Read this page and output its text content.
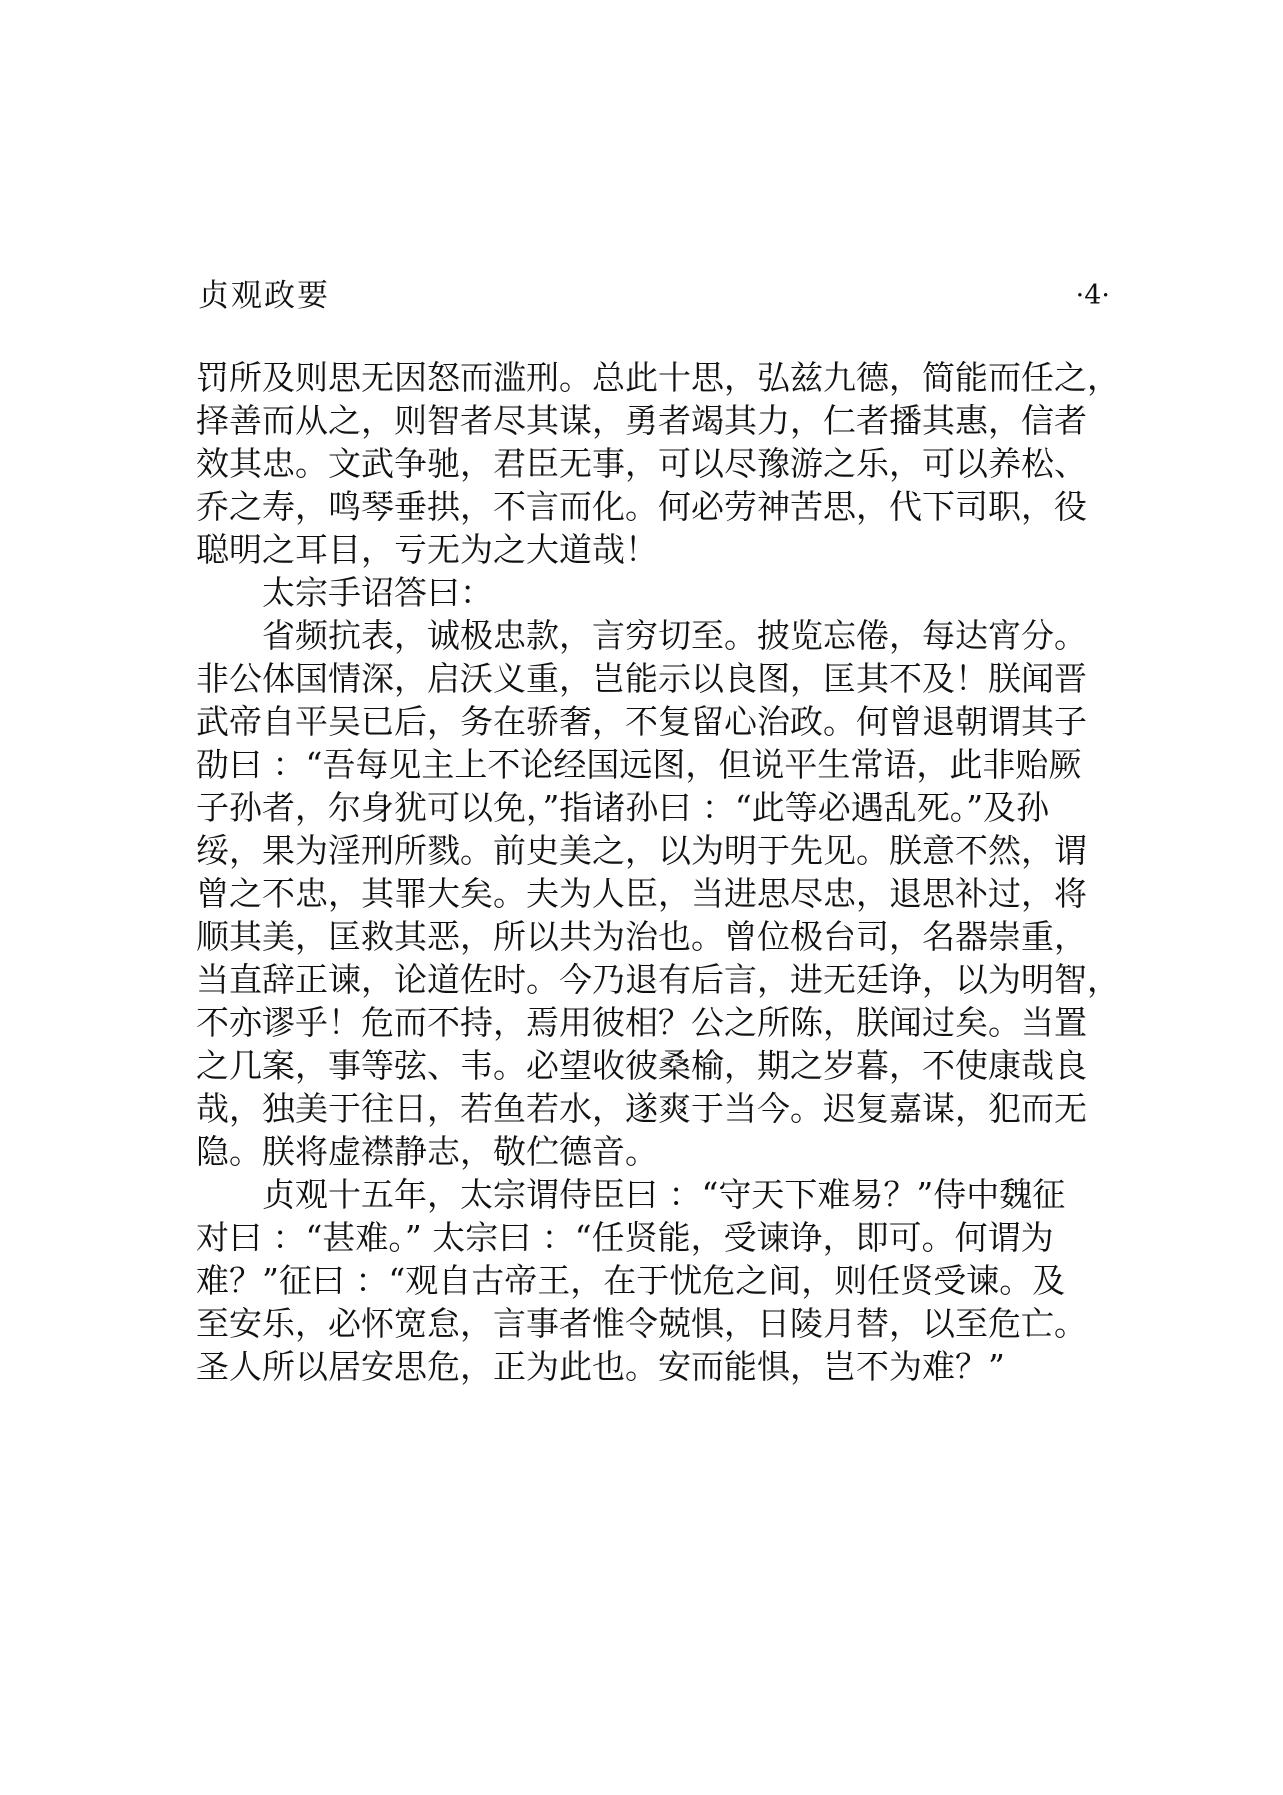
贞观政要	·4·
罚所及则思无因怒而滥刑。总此十思，弘兹九德，简能而任之，
择善而从之，则智者尽其谋，勇者竭其力，仁者播其惠，信者
效其忠。文武争驰，君臣无事，可以尽豫游之乐，可以养松、
乔之寿，鸣琴垂拱，不言而化。何必劳神苦思，代下司职，役
聪明之耳目，亏无为之大道哉！
太宗手诏答曰：
省频抗表，诚极忠款，言穷切至。披览忘倦，每达宵分。
非公体国情深，启沃义重，岂能示以良图，匡其不及！朕闻晋
武帝自平吴已后，务在骄奢，不复留心治政。何曾退朝谓其子
劭曰 ：“吾每见主上不论经国远图，但说平生常语，此非贻厥
子孙者，尔身犹可以免，”指诸孙曰 ：“此等必遇乱死。”及孙
绥，果为淫刑所戮。前史美之，以为明于先见。朕意不然，谓
曾之不忠，其罪大矣。夫为人臣，当进思尽忠，退思补过，将
顺其美，匡救其恶，所以共为治也。曾位极台司，名器崇重，
当直辞正谏，论道佐时。今乃退有后言，进无廷诤，以为明智，
不亦谬乎！危而不持，焉用彼相？公之所陈，朕闻过矣。当置
之几案，事等弦、韦。必望收彼桑榆，期之岁暮，不使康哉良
哉，独美于往日，若鱼若水，遂爽于当今。迟复嘉谋，犯而无
隐。朕将虚襟静志，敬伫德音。
贞观十五年，太宗谓侍臣曰 ：“守天下难易？”侍中魏征
对曰 ：“甚难。” 太宗曰 ：“任贤能，受谏诤，即可。何谓为
难？”征曰 ：“观自古帝王，在于忧危之间，则任贤受谏。及
至安乐，必怀宽怠，言事者惟令兢惧，日陵月替，以至危亡。
圣人所以居安思危，正为此也。安而能惧，岂不为难？”
